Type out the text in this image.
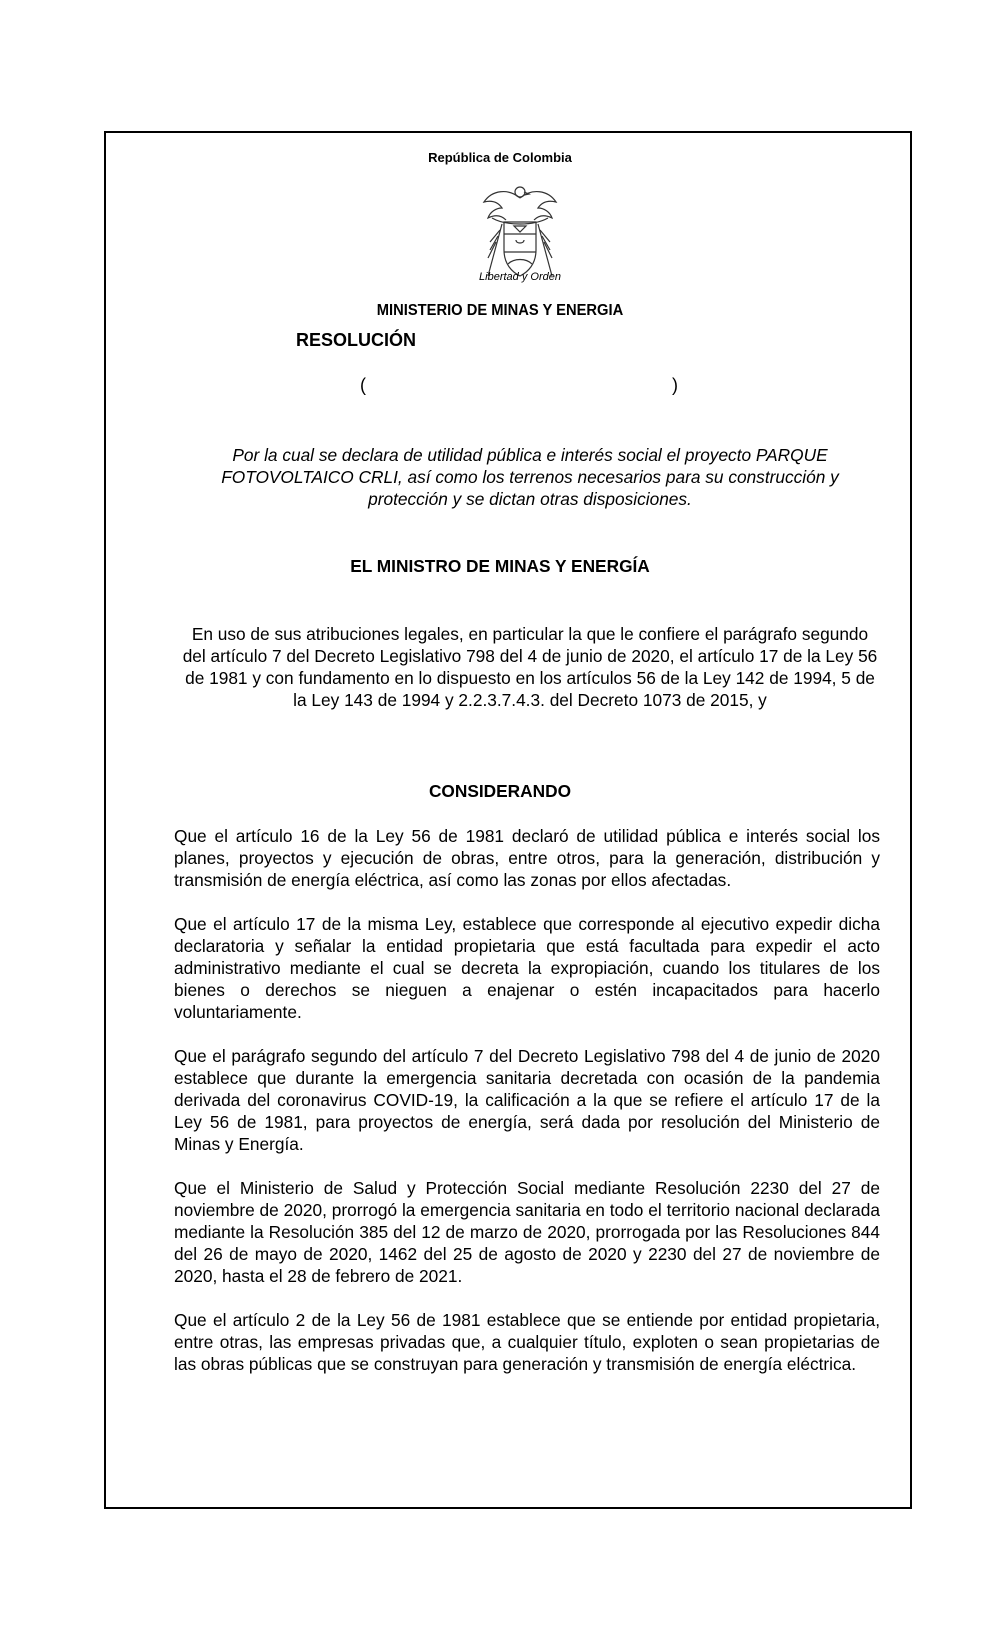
República de Colombia
Libertad y Orden
MINISTERIO DE MINAS Y ENERGIA
RESOLUCIÓN
(	)
Por la cual se declara de utilidad pública e interés social el proyecto PARQUE FOTOVOLTAICO CRLI, así como los terrenos necesarios para su construcción y protección y se dictan otras disposiciones.
EL MINISTRO DE MINAS Y ENERGÍA
En uso de sus atribuciones legales, en particular la que le confiere el parágrafo segundo del artículo 7 del Decreto Legislativo 798 del 4 de junio de 2020, el artículo 17 de la Ley 56 de 1981 y con fundamento en lo dispuesto en los artículos 56 de la Ley 142 de 1994, 5 de la Ley 143 de 1994 y 2.2.3.7.4.3. del Decreto 1073 de 2015, y
CONSIDERANDO

Que el artículo 16 de la Ley 56 de 1981 declaró de utilidad pública e interés social los planes, proyectos y ejecución de obras, entre otros, para la generación, distribución y transmisión de energía eléctrica, así como las zonas por ellos afectadas.

Que el artículo 17 de la misma Ley, establece que corresponde al ejecutivo expedir dicha declaratoria y señalar la entidad propietaria que está facultada para expedir el acto administrativo mediante el cual se decreta la expropiación, cuando los titulares de los bienes o derechos se nieguen a enajenar o estén incapacitados para hacerlo voluntariamente.

Que el parágrafo segundo del artículo 7 del Decreto Legislativo 798 del 4 de junio de 2020 establece que durante la emergencia sanitaria decretada con ocasión de la pandemia derivada del coronavirus COVID-19, la calificación a la que se refiere el artículo 17 de la Ley 56 de 1981, para proyectos de energía, será dada por resolución del Ministerio de Minas y Energía.

Que el Ministerio de Salud y Protección Social mediante Resolución 2230 del 27 de noviembre de 2020, prorrogó la emergencia sanitaria en todo el territorio nacional declarada mediante la Resolución 385 del 12 de marzo de 2020, prorrogada por las Resoluciones 844 del 26 de mayo de 2020, 1462 del 25 de agosto de 2020 y 2230 del 27 de noviembre de 2020, hasta el 28 de febrero de 2021.

Que el artículo 2 de la Ley 56 de 1981 establece que se entiende por entidad propietaria, entre otras, las empresas privadas que, a cualquier título, exploten o sean propietarias de las obras públicas que se construyan para generación y transmisión de energía eléctrica.
